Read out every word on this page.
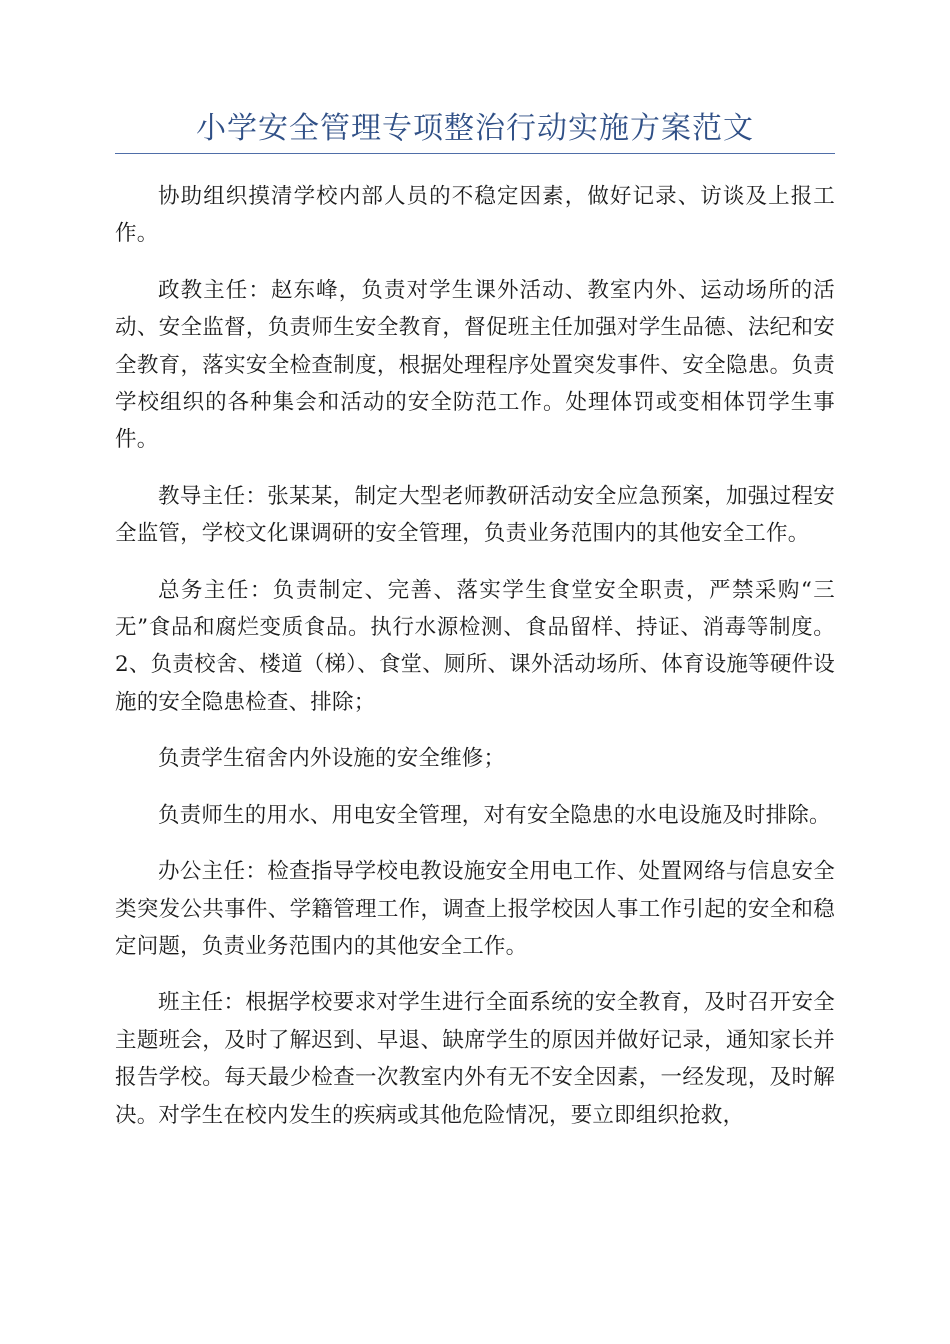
小学安全管理专项整治行动实施方案范文

协助组织摸清学校内部人员的不稳定因素，做好记录、访谈及上报工作。

政教主任：赵东峰，负责对学生课外活动、教室内外、运动场所的活动、安全监督，负责师生安全教育，督促班主任加强对学生品德、法纪和安全教育，落实安全检查制度，根据处理程序处置突发事件、安全隐患。负责学校组织的各种集会和活动的安全防范工作。处理体罚或变相体罚学生事件。

教导主任：张某某，制定大型老师教研活动安全应急预案，加强过程安全监管，学校文化课调研的安全管理，负责业务范围内的其他安全工作。

总务主任：负责制定、完善、落实学生食堂安全职责，严禁采购“三无”食品和腐烂变质食品。执行水源检测、食品留样、持证、消毒等制度。2、负责校舍、楼道（梯）、食堂、厕所、课外活动场所、体育设施等硬件设施的安全隐患检查、排除；

负责学生宿舍内外设施的安全维修；

负责师生的用水、用电安全管理，对有安全隐患的水电设施及时排除。

办公主任：检查指导学校电教设施安全用电工作、处置网络与信息安全类突发公共事件、学籍管理工作，调查上报学校因人事工作引起的安全和稳定问题，负责业务范围内的其他安全工作。

班主任：根据学校要求对学生进行全面系统的安全教育，及时召开安全主题班会，及时了解迟到、早退、缺席学生的原因并做好记录，通知家长并报告学校。每天最少检查一次教室内外有无不安全因素，一经发现，及时解决。对学生在校内发生的疾病或其他危险情况，要立即组织抢救，
